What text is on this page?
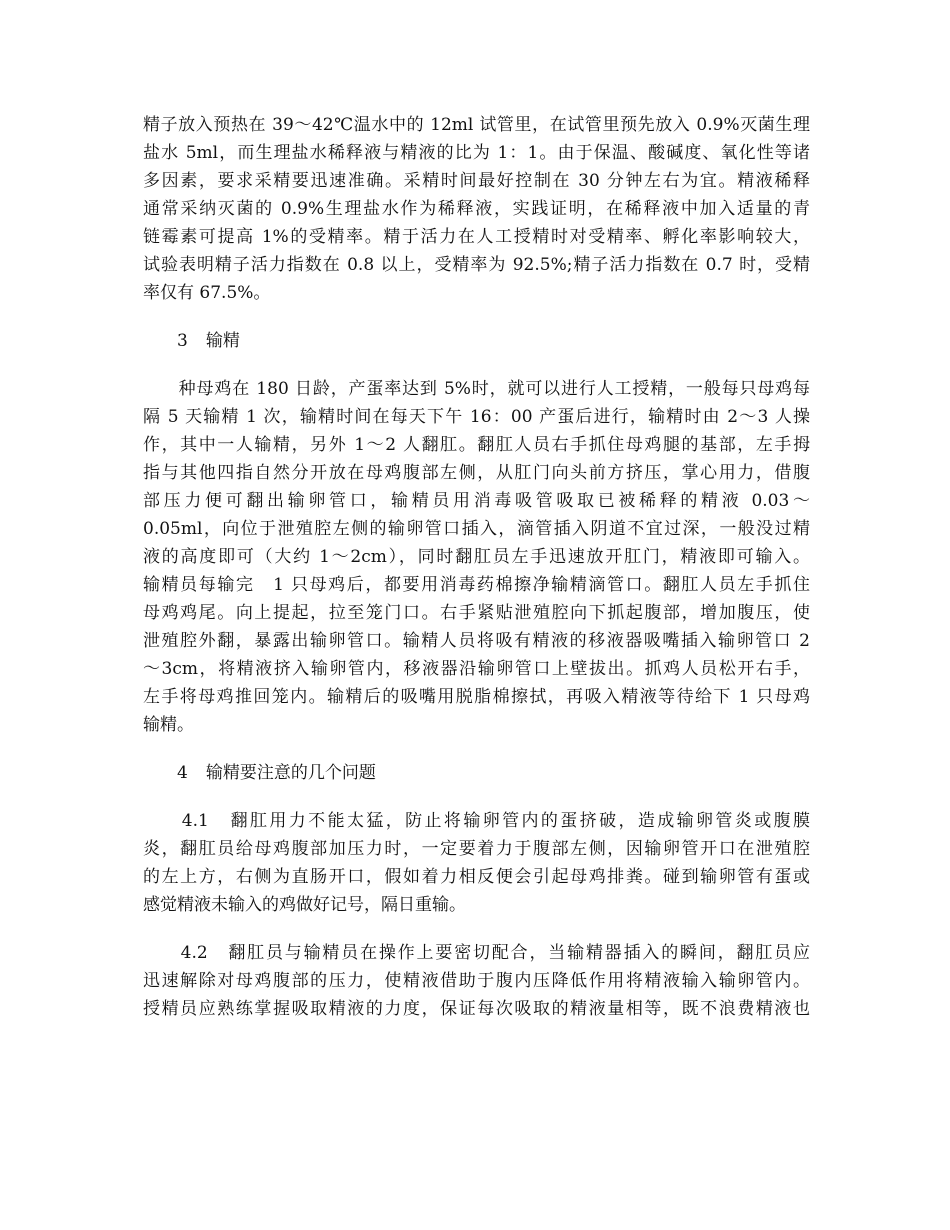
精子放入预热在 39～42℃温水中的 12ml 试管里，在试管里预先放入 0.9%灭菌生理
盐水 5ml，而生理盐水稀释液与精液的比为 1：1。由于保温、酸碱度、氧化性等诸
多因素，要求采精要迅速准确。采精时间最好控制在 30 分钟左右为宜。精液稀释
通常采纳灭菌的 0.9%生理盐水作为稀释液，实践证明，在稀释液中加入适量的青
链霉素可提高 1%的受精率。精于活力在人工授精时对受精率、孵化率影响较大，
试验表明精子活力指数在 0.8 以上，受精率为 92.5%;精子活力指数在 0.7 时，受精
率仅有 67.5%。
3 输精
　　种母鸡在 180 日龄，产蛋率达到 5%时，就可以进行人工授精，一般每只母鸡每
隔 5 天输精 1 次，输精时间在每天下午 16：00 产蛋后进行，输精时由 2～3 人操
作，其中一人输精，另外 1～2 人翻肛。翻肛人员右手抓住母鸡腿的基部，左手拇
指与其他四指自然分开放在母鸡腹部左侧，从肛门向头前方挤压，掌心用力，借腹
部压力便可翻出输卵管口，输精员用消毒吸管吸取已被稀释的精液 0.03～
0.05ml，向位于泄殖腔左侧的输卵管口插入，滴管插入阴道不宜过深，一般没过精
液的高度即可（大约 1～2cm），同时翻肛员左手迅速放开肛门，精液即可输入。
输精员每输完　1 只母鸡后，都要用消毒药棉擦净输精滴管口。翻肛人员左手抓住
母鸡鸡尾。向上提起，拉至笼门口。右手紧贴泄殖腔向下抓起腹部，增加腹压，使
泄殖腔外翻，暴露出输卵管口。输精人员将吸有精液的移液器吸嘴插入输卵管口 2
～3cm，将精液挤入输卵管内，移液器沿输卵管口上壁拔出。抓鸡人员松开右手，
左手将母鸡推回笼内。输精后的吸嘴用脱脂棉擦拭，再吸入精液等待给下 1 只母鸡
输精。
4 输精要注意的几个问题
　　4.1　翻肛用力不能太猛，防止将输卵管内的蛋挤破，造成输卵管炎或腹膜
炎，翻肛员给母鸡腹部加压力时，一定要着力于腹部左侧，因输卵管开口在泄殖腔
的左上方，右侧为直肠开口，假如着力相反便会引起母鸡排粪。碰到输卵管有蛋或
感觉精液未输入的鸡做好记号，隔日重输。
　　4.2　翻肛员与输精员在操作上要密切配合，当输精器插入的瞬间，翻肛员应
迅速解除对母鸡腹部的压力，使精液借助于腹内压降低作用将精液输入输卵管内。
授精员应熟练掌握吸取精液的力度，保证每次吸取的精液量相等，既不浪费精液也
